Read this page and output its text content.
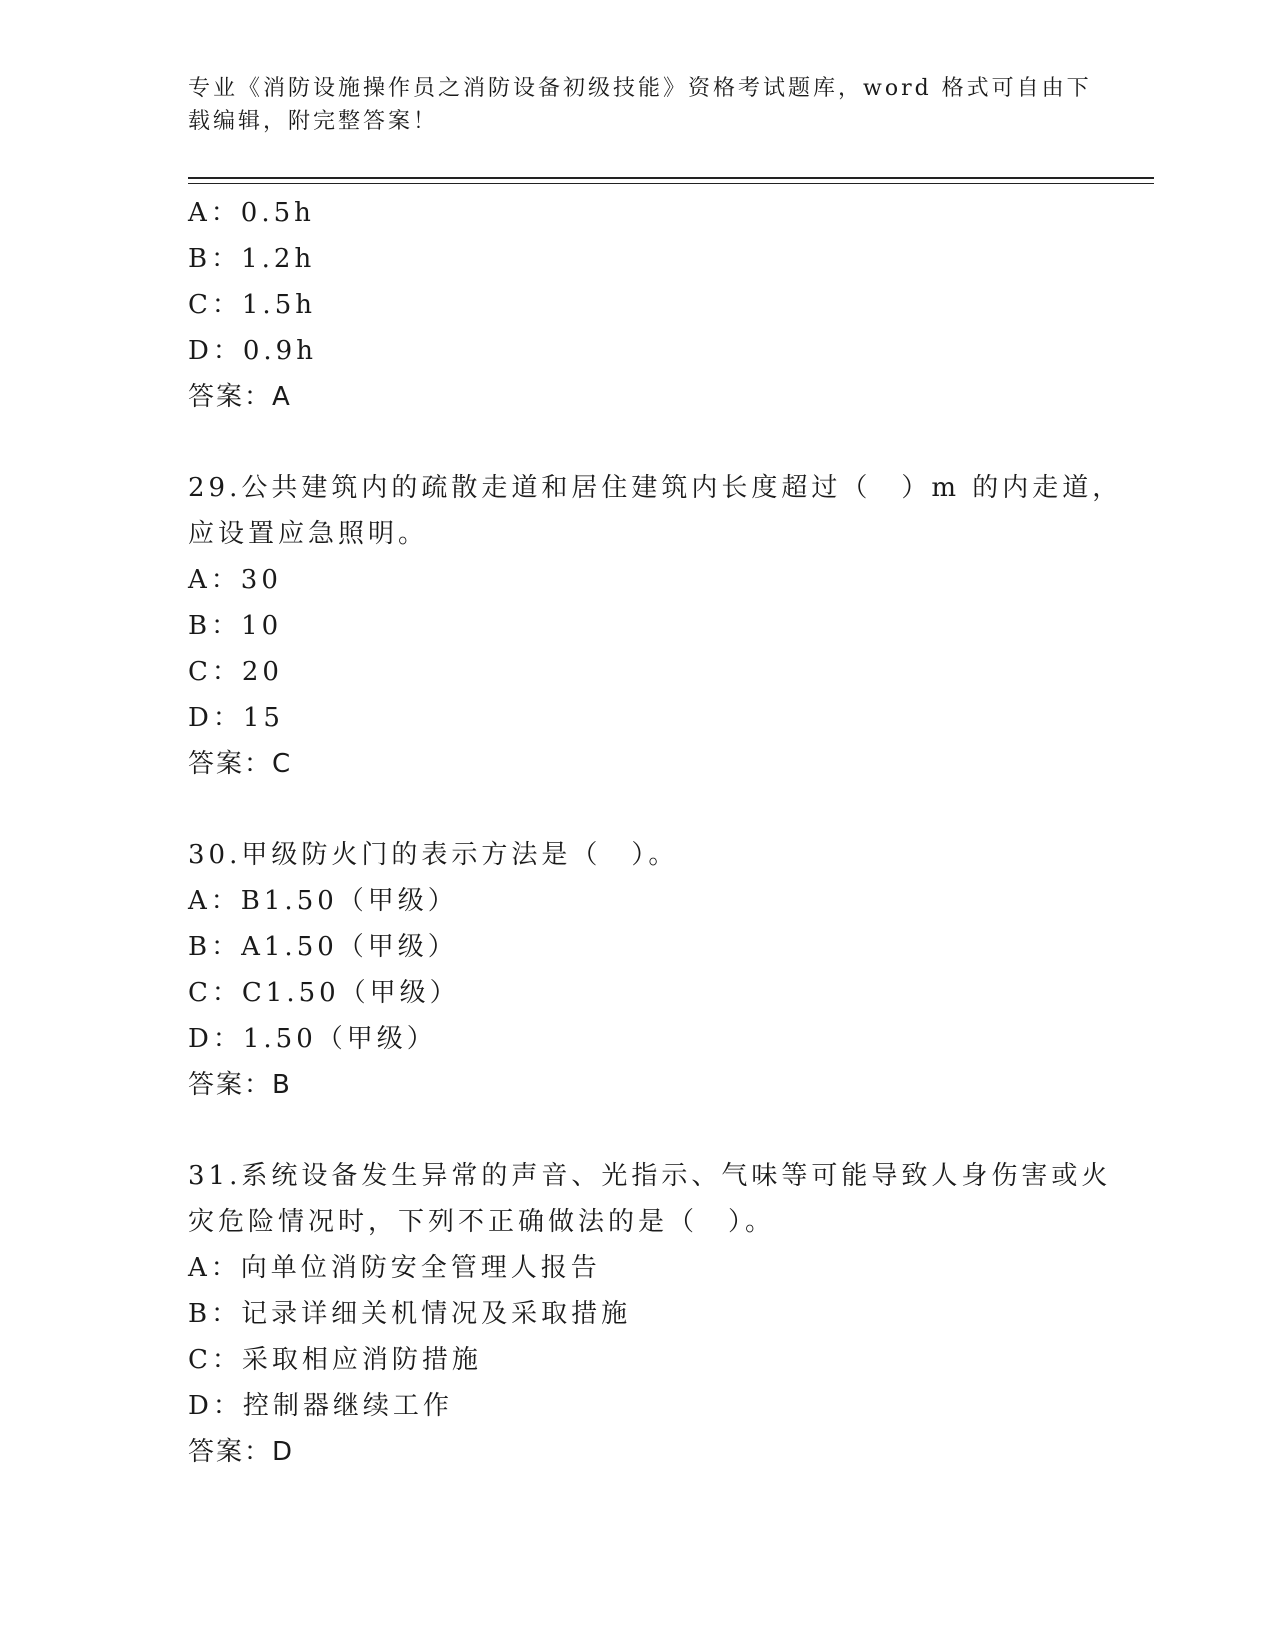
专业《消防设施操作员之消防设备初级技能》资格考试题库，word 格式可自由下
载编辑，附完整答案！
A：0.5h
B：1.2h
C：1.5h
D：0.9h
答案：A
29.公共建筑内的疏散走道和居住建筑内长度超过（　）m 的内走道，
应设置应急照明。
A：30
B：10
C：20
D：15
答案：C
30.甲级防火门的表示方法是（　）。
A：B1.50（甲级）
B：A1.50（甲级）
C：C1.50（甲级）
D：1.50（甲级）
答案：B
31.系统设备发生异常的声音、光指示、气味等可能导致人身伤害或火
灾危险情况时，下列不正确做法的是（　）。
A：向单位消防安全管理人报告
B：记录详细关机情况及采取措施
C：采取相应消防措施
D：控制器继续工作
答案：D
